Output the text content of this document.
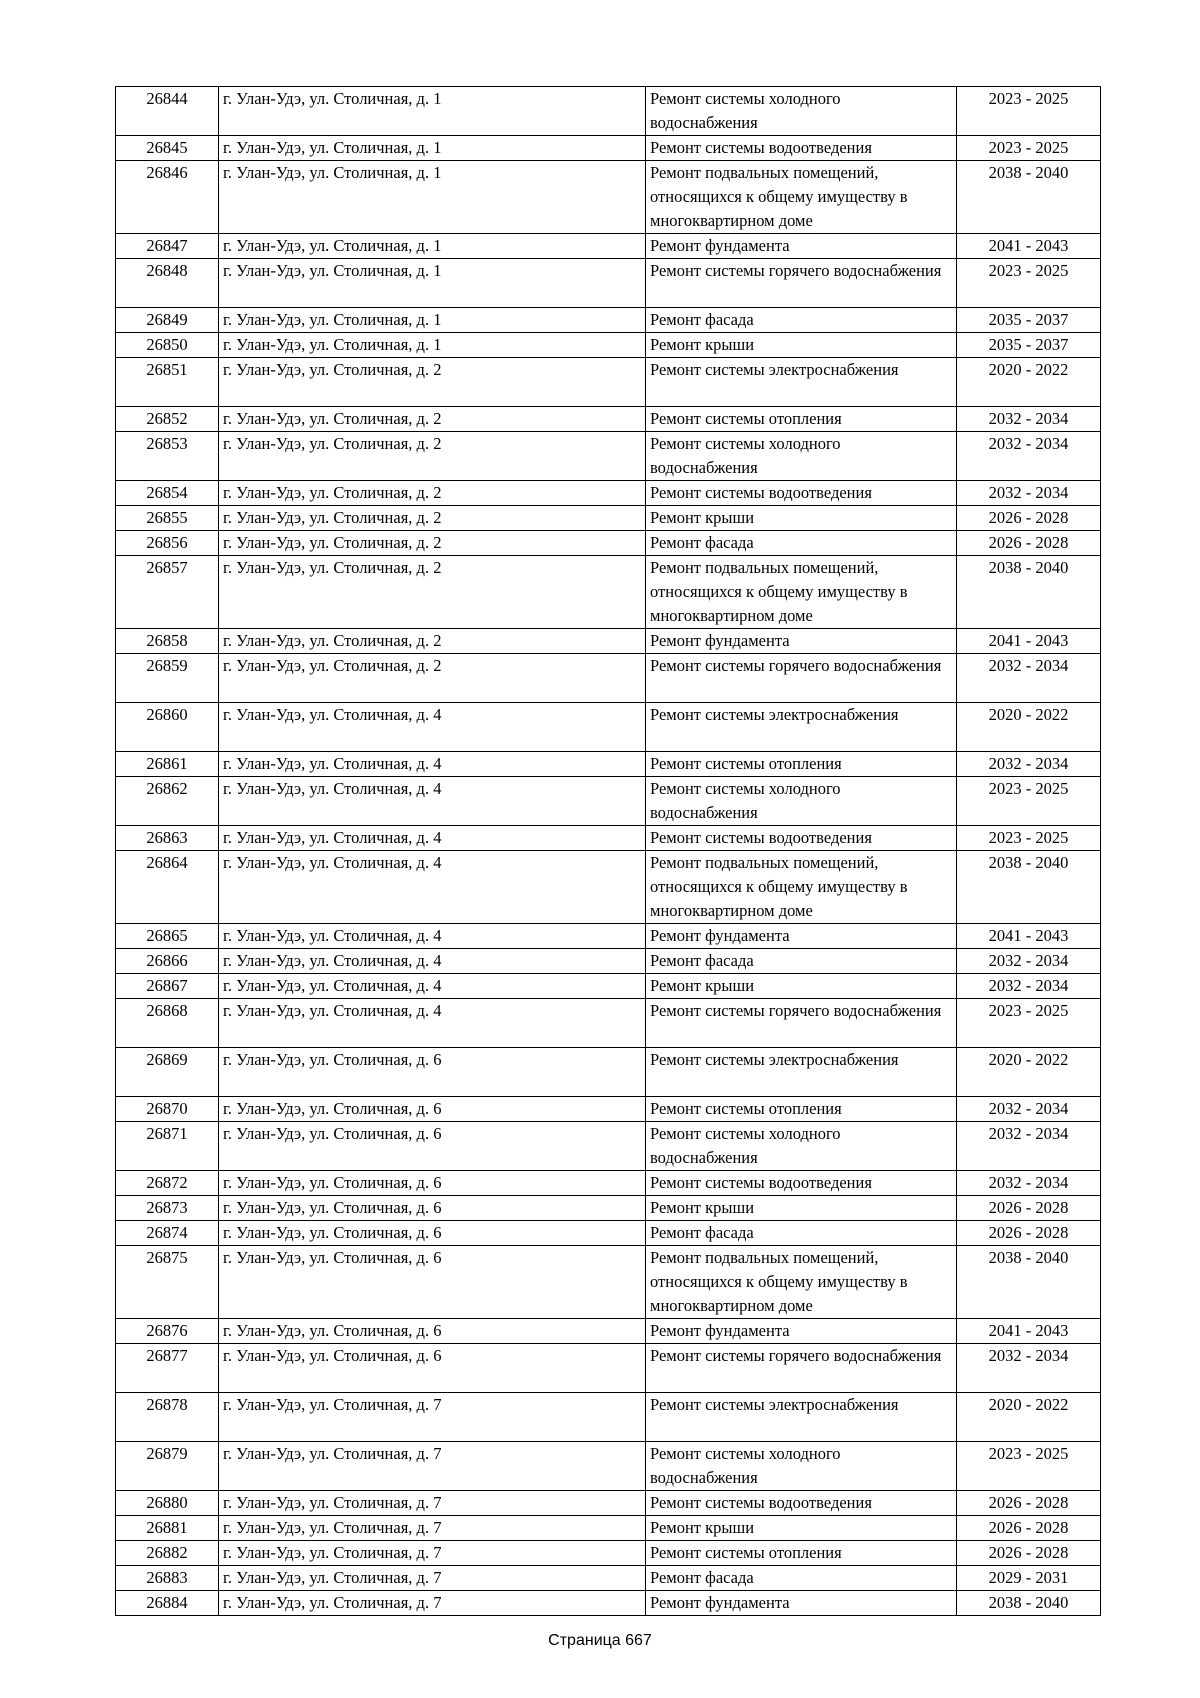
26844	г. Улан-Удэ, ул. Столичная, д. 1	Ремонт системы холодного водоснабжения	2023 - 2025
26845	г. Улан-Удэ, ул. Столичная, д. 1	Ремонт системы водоотведения	2023 - 2025
26846	г. Улан-Удэ, ул. Столичная, д. 1	Ремонт подвальных помещений, относящихся к общему имуществу в многоквартирном доме	2038 - 2040
26847	г. Улан-Удэ, ул. Столичная, д. 1	Ремонт фундамента	2041 - 2043
26848	г. Улан-Удэ, ул. Столичная, д. 1	Ремонт системы горячего водоснабжения	2023 - 2025
26849	г. Улан-Удэ, ул. Столичная, д. 1	Ремонт фасада	2035 - 2037
26850	г. Улан-Удэ, ул. Столичная, д. 1	Ремонт крыши	2035 - 2037
26851	г. Улан-Удэ, ул. Столичная, д. 2	Ремонт системы электроснабжения	2020 - 2022
26852	г. Улан-Удэ, ул. Столичная, д. 2	Ремонт системы отопления	2032 - 2034
26853	г. Улан-Удэ, ул. Столичная, д. 2	Ремонт системы холодного водоснабжения	2032 - 2034
26854	г. Улан-Удэ, ул. Столичная, д. 2	Ремонт системы водоотведения	2032 - 2034
26855	г. Улан-Удэ, ул. Столичная, д. 2	Ремонт крыши	2026 - 2028
26856	г. Улан-Удэ, ул. Столичная, д. 2	Ремонт фасада	2026 - 2028
26857	г. Улан-Удэ, ул. Столичная, д. 2	Ремонт подвальных помещений, относящихся к общему имуществу в многоквартирном доме	2038 - 2040
26858	г. Улан-Удэ, ул. Столичная, д. 2	Ремонт фундамента	2041 - 2043
26859	г. Улан-Удэ, ул. Столичная, д. 2	Ремонт системы горячего водоснабжения	2032 - 2034
26860	г. Улан-Удэ, ул. Столичная, д. 4	Ремонт системы электроснабжения	2020 - 2022
26861	г. Улан-Удэ, ул. Столичная, д. 4	Ремонт системы отопления	2032 - 2034
26862	г. Улан-Удэ, ул. Столичная, д. 4	Ремонт системы холодного водоснабжения	2023 - 2025
26863	г. Улан-Удэ, ул. Столичная, д. 4	Ремонт системы водоотведения	2023 - 2025
26864	г. Улан-Удэ, ул. Столичная, д. 4	Ремонт подвальных помещений, относящихся к общему имуществу в многоквартирном доме	2038 - 2040
26865	г. Улан-Удэ, ул. Столичная, д. 4	Ремонт фундамента	2041 - 2043
26866	г. Улан-Удэ, ул. Столичная, д. 4	Ремонт фасада	2032 - 2034
26867	г. Улан-Удэ, ул. Столичная, д. 4	Ремонт крыши	2032 - 2034
26868	г. Улан-Удэ, ул. Столичная, д. 4	Ремонт системы горячего водоснабжения	2023 - 2025
26869	г. Улан-Удэ, ул. Столичная, д. 6	Ремонт системы электроснабжения	2020 - 2022
26870	г. Улан-Удэ, ул. Столичная, д. 6	Ремонт системы отопления	2032 - 2034
26871	г. Улан-Удэ, ул. Столичная, д. 6	Ремонт системы холодного водоснабжения	2032 - 2034
26872	г. Улан-Удэ, ул. Столичная, д. 6	Ремонт системы водоотведения	2032 - 2034
26873	г. Улан-Удэ, ул. Столичная, д. 6	Ремонт крыши	2026 - 2028
26874	г. Улан-Удэ, ул. Столичная, д. 6	Ремонт фасада	2026 - 2028
26875	г. Улан-Удэ, ул. Столичная, д. 6	Ремонт подвальных помещений, относящихся к общему имуществу в многоквартирном доме	2038 - 2040
26876	г. Улан-Удэ, ул. Столичная, д. 6	Ремонт фундамента	2041 - 2043
26877	г. Улан-Удэ, ул. Столичная, д. 6	Ремонт системы горячего водоснабжения	2032 - 2034
26878	г. Улан-Удэ, ул. Столичная, д. 7	Ремонт системы электроснабжения	2020 - 2022
26879	г. Улан-Удэ, ул. Столичная, д. 7	Ремонт системы холодного водоснабжения	2023 - 2025
26880	г. Улан-Удэ, ул. Столичная, д. 7	Ремонт системы водоотведения	2026 - 2028
26881	г. Улан-Удэ, ул. Столичная, д. 7	Ремонт крыши	2026 - 2028
26882	г. Улан-Удэ, ул. Столичная, д. 7	Ремонт системы отопления	2026 - 2028
26883	г. Улан-Удэ, ул. Столичная, д. 7	Ремонт фасада	2029 - 2031
26884	г. Улан-Удэ, ул. Столичная, д. 7	Ремонт фундамента	2038 - 2040
Страница 667
